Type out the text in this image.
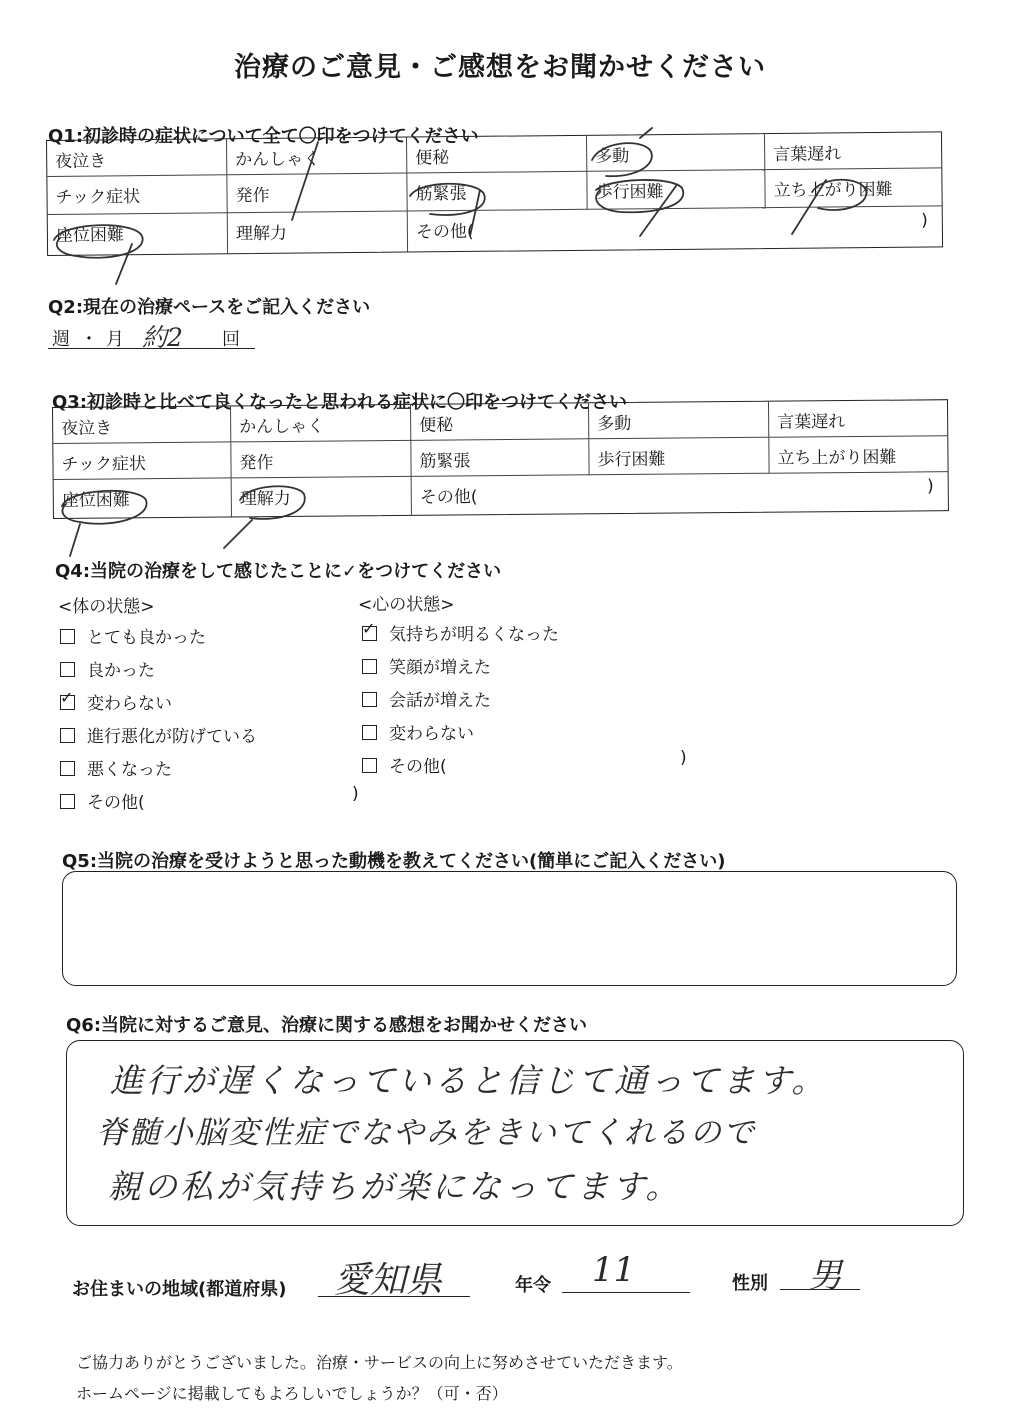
治療のご意見・ご感想をお聞かせください
Q1:初診時の症状について全て〇印をつけてください
夜泣き	かんしゃく	便秘	多動	言葉遅れ
チック症状	発作	筋緊張	歩行困難	立ち上がり困難
座位困難	理解力	その他(
)
Q2:現在の治療ペースをご記入ください
週 ・ 月 約2 回
Q3:初診時と比べて良くなったと思われる症状に〇印をつけてください
夜泣き	かんしゃく	便秘	多動	言葉遅れ
チック症状	発作	筋緊張	歩行困難	立ち上がり困難
座位困難	理解力	その他(
)
Q4:当院の治療をして感じたことに✓をつけてください
<体の状態>	<心の状態>
とても良かった
良かった
✓変わらない
進行悪化が防げている
悪くなった
その他(
✓気持ちが明るくなった
笑顔が増えた
会話が増えた
変わらない
その他(
)
)
Q5:当院の治療を受けようと思った動機を教えてください(簡単にご記入ください)
Q6:当院に対するご意見、治療に関する感想をお聞かせください
進行が遅くなっていると信じて通ってます。
脊髄小脳変性症でなやみをきいてくれるので
親の私が気持ちが楽になってます。
お住まいの地域(都道府県) 愛知県	年令 11	性別 男
ご協力ありがとうございました。治療・サービスの向上に努めさせていただきます。
ホームページに掲載してもよろしいでしょうか？（可・否）
